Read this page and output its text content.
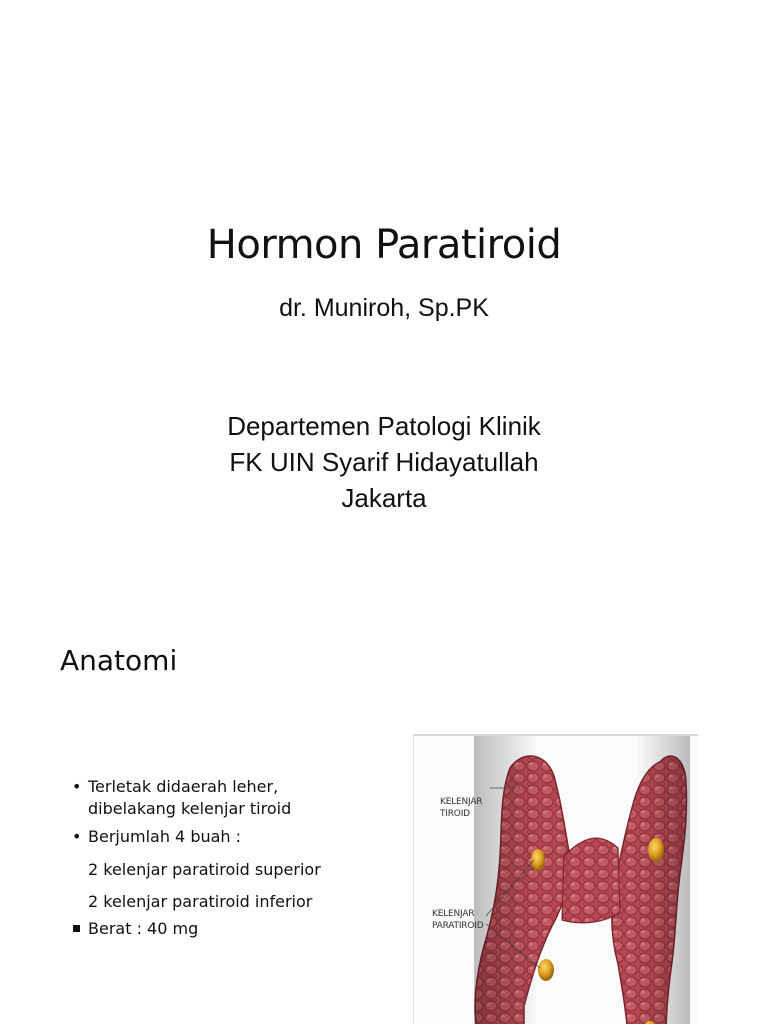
Hormon Paratiroid
dr. Muniroh, Sp.PK
Departemen Patologi Klinik
FK UIN Syarif Hidayatullah
Jakarta
Anatomi
•
Terletak didaerah leher,
dibelakang kelenjar tiroid
•
Berjumlah 4 buah :
2 kelenjar paratiroid superior
2 kelenjar paratiroid inferior
Berat : 40 mg
KELENJAR
TIROID
KELENJAR
PARATIROID
